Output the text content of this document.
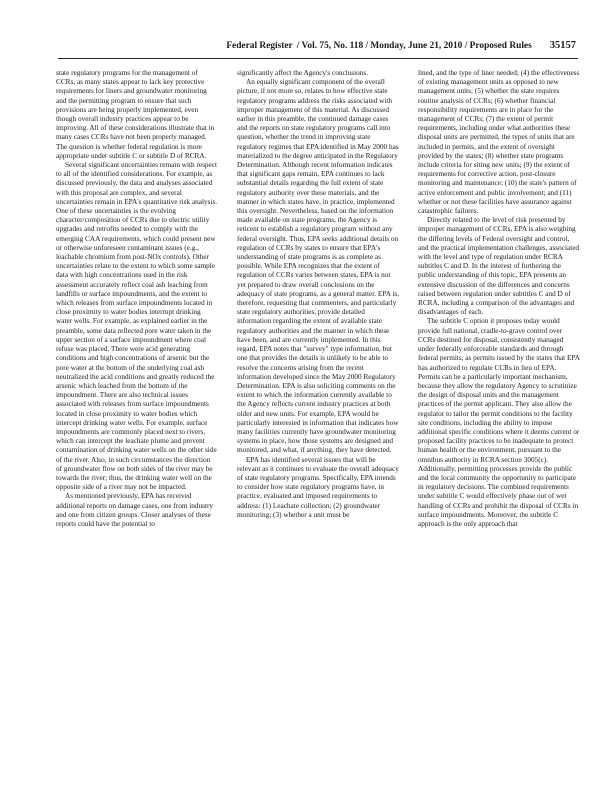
Federal Register / Vol. 75, No. 118 / Monday, June 21, 2010 / Proposed Rules 35157

state regulatory programs for the management of CCRs, as many states appear to lack key protective requirements for liners and groundwater monitoring and the permitting program to ensure that such provisions are being properly implemented, even though overall industry practices appear to be improving. All of these considerations illustrate that in many cases CCRs have not been properly managed. The question is whether federal regulation is more appropriate under subtitle C or subtitle D of RCRA.

Several significant uncertainties remain with respect to all of the identified considerations. For example, as discussed previously, the data and analyses associated with this proposal are complex, and several uncertainties remain in EPA's quantitative risk analysis. One of these uncertainties is the evolving character/composition of CCRs due to electric utility upgrades and retrofits needed to comply with the emerging CAA requirements, which could present new or otherwise unforeseen contaminant issues (e.g., leachable chromium from post-NOx controls). Other uncertainties relate to the extent to which some sample data with high concentrations used in the risk assessment accurately reflect coal ash leaching from landfills or surface impoundments, and the extent to which releases from surface impoundments located in close proximity to water bodies interrupt drinking water wells. For example, as explained earlier in the preamble, some data reflected pore water taken in the upper section of a surface impoundment where coal refuse was placed. There were acid generating conditions and high concentrations of arsenic but the pore water at the bottom of the underlying coal ash neutralized the acid conditions and greatly reduced the arsenic which leached from the bottom of the impoundment. There are also technical issues associated with releases from surface impoundments located in close proximity to water bodies which intercept drinking water wells. For example, surface impoundments are commonly placed next to rivers, which can intercept the leachate plume and prevent contamination of drinking water wells on the other side of the river. Also, in such circumstances the direction of groundwater flow on both sides of the river may be towards the river; thus, the drinking water well on the opposite side of a river may not be impacted.

As mentioned previously, EPA has received additional reports on damage cases, one from industry and one from citizen groups. Closer analyses of these reports could have the potential to

significantly affect the Agency's conclusions.

An equally significant component of the overall picture, if not more so, relates to how effective state regulatory programs address the risks associated with improper management of this material. As discussed earlier in this preamble, the continued damage cases and the reports on state regulatory programs call into question, whether the trend in improving state regulatory regimes that EPA identified in May 2000 has materialized to the degree anticipated in the Regulatory Determination. Although recent information indicates that significant gaps remain, EPA continues to lack substantial details regarding the full extent of state regulatory authority over these materials, and the manner in which states have, in practice, implemented this oversight. Nevertheless, based on the information made available on state programs, the Agency is reticent to establish a regulatory program without any federal oversight. Thus, EPA seeks additional details on regulation of CCRs by states to ensure that EPA's understanding of state programs is as complete as possible. While EPA recognizes that the extent of regulation of CCRs varies between states, EPA is not yet prepared to draw overall conclusions on the adequacy of state programs, as a general matter. EPA is, therefore, requesting that commenters, and particularly state regulatory authorities, provide detailed information regarding the extent of available state regulatory authorities and the manner in which these have been, and are currently implemented. In this regard, EPA notes that "survey" type information, but one that provides the details is unlikely to be able to resolve the concerns arising from the recent information developed since the May 2000 Regulatory Determination. EPA is also soliciting comments on the extent to which the information currently available to the Agency reflects current industry practices at both older and new units. For example, EPA would be particularly interested in information that indicates how many facilities currently have groundwater monitoring systems in place, how those systems are designed and monitored, and what, if anything, they have detected.

EPA has identified several issues that will be relevant as it continues to evaluate the overall adequacy of state regulatory programs. Specifically, EPA intends to consider how state regulatory programs have, in practice, evaluated and imposed requirements to address: (1) Leachate collection; (2) groundwater monitoring; (3) whether a unit must be

lined, and the type of liner needed; (4) the effectiveness of existing management units as opposed to new management units; (5) whether the state requires routine analysis of CCRs; (6) whether financial responsibility requirements are in place for the management of CCRs; (7) the extent of permit requirements, including under what authorities these disposal units are permitted, the types of units that are included in permits, and the extent of oversight provided by the states; (8) whether state programs include criteria for siting new units; (9) the extent of requirements for corrective action, post-closure monitoring and maintenance; (10) the state's pattern of active enforcement and public involvement; and (11) whether or not these facilities have assurance against catastrophic failures.

Directly related to the level of risk presented by improper management of CCRs, EPA is also weighing the differing levels of Federal oversight and control, and the practical implementation challenges, associated with the level and type of regulation under RCRA subtitles C and D. In the interest of furthering the public understanding of this topic, EPA presents an extensive discussion of the differences and concerns raised between regulation under subtitles C and D of RCRA, including a comparison of the advantages and disadvantages of each.

The subtitle C option it proposes today would provide full national, cradle-to-grave control over CCRs destined for disposal, consistently managed under federally enforceable standards and through federal permits, as permits issued by the states that EPA has authorized to regulate CCRs in lieu of EPA. Permits can be a particularly important mechanism, because they allow the regulatory Agency to scrutinize the design of disposal units and the management practices of the permit applicant. They also allow the regulator to tailor the permit conditions to the facility site conditions, including the ability to impose additional specific conditions where it deems current or proposed facility practices to be inadequate to protect human health or the environment, pursuant to the omnibus authority in RCRA section 3005(c). Additionally, permitting processes provide the public and the local community the opportunity to participate in regulatory decisions. The combined requirements under subtitle C would effectively phase out of wet handling of CCRs and prohibit the disposal of CCRs in surface impoundments. Moreover, the subtitle C approach is the only approach that
